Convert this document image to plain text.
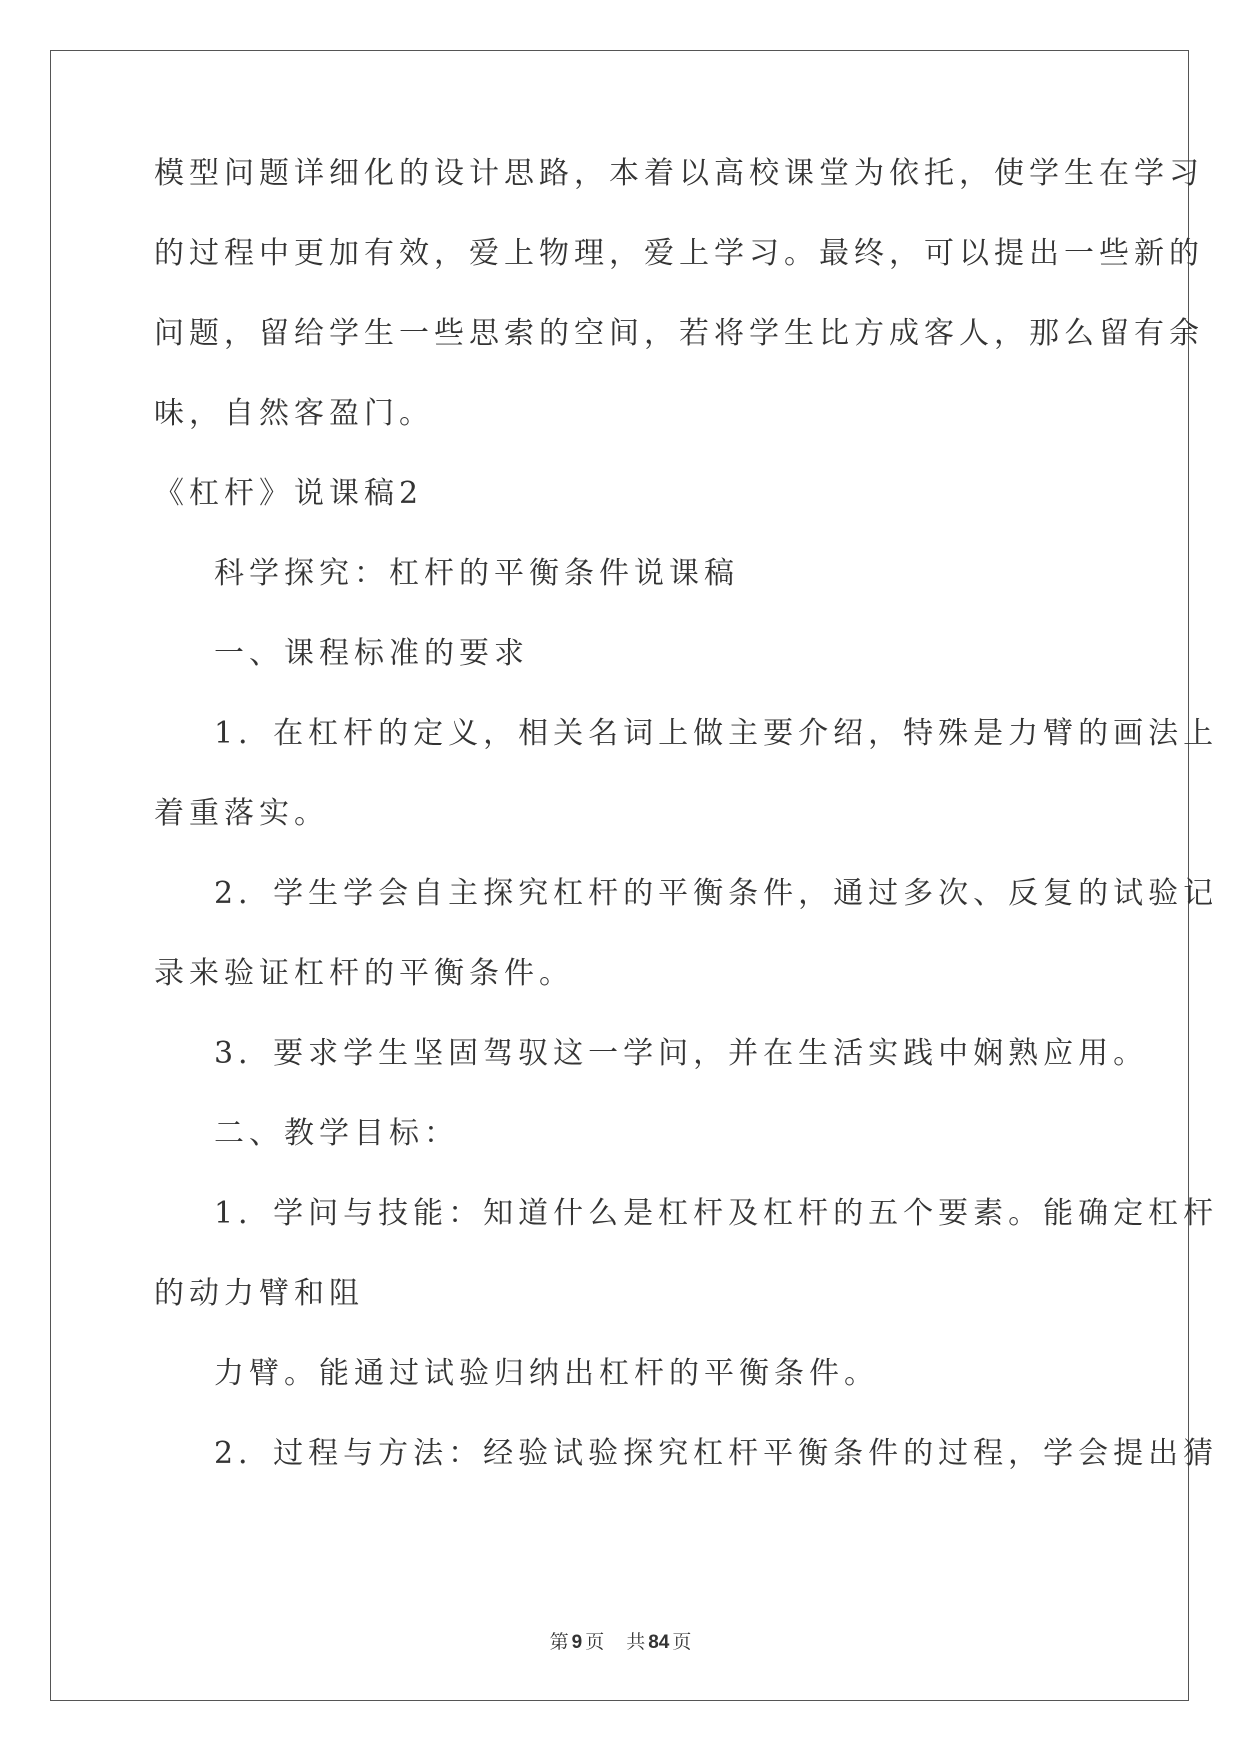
模型问题详细化的设计思路，本着以高校课堂为依托，使学生在学习
的过程中更加有效，爱上物理，爱上学习。最终，可以提出一些新的
问题，留给学生一些思索的空间，若将学生比方成客人，那么留有余
味，自然客盈门。
《杠杆》说课稿2
科学探究：杠杆的平衡条件说课稿
一、课程标准的要求
1．在杠杆的定义，相关名词上做主要介绍，特殊是力臂的画法上
着重落实。
2．学生学会自主探究杠杆的平衡条件，通过多次、反复的试验记
录来验证杠杆的平衡条件。
3．要求学生坚固驾驭这一学问，并在生活实践中娴熟应用。
二、教学目标：
1．学问与技能：知道什么是杠杆及杠杆的五个要素。能确定杠杆
的动力臂和阻
力臂。能通过试验归纳出杠杆的平衡条件。
2．过程与方法：经验试验探究杠杆平衡条件的过程，学会提出猜
第 9 页 共 84 页
